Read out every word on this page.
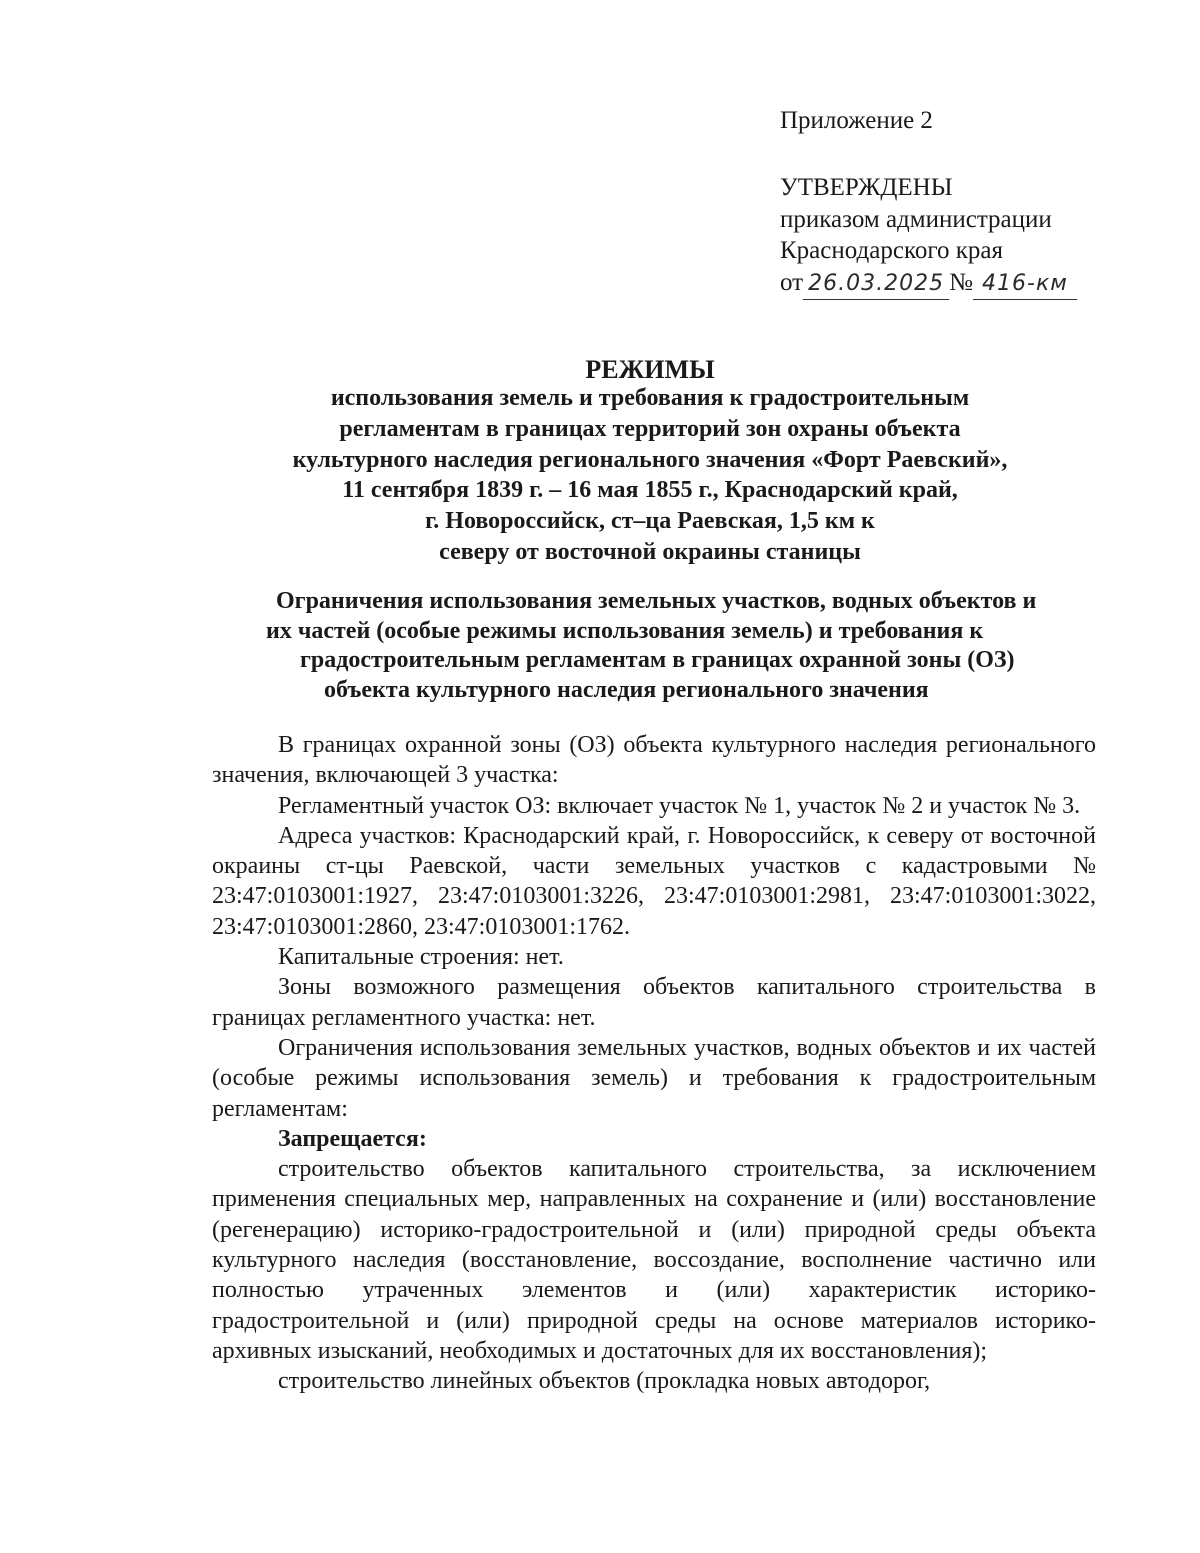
Приложение 2
УТВЕРЖДЕНЫ
приказом администрации
Краснодарского края
от 26.03.2025 № 416-км
РЕЖИМЫ
использования земель и требования к градостроительным
регламентам в границах территорий зон охраны объекта
культурного наследия регионального значения «Форт Раевский»,
11 сентября 1839 г. – 16 мая 1855 г., Краснодарский край,
г. Новороссийск, ст–ца Раевская, 1,5 км к
северу от восточной окраины станицы
Ограничения использования земельных участков, водных объектов и
их частей (особые режимы использования земель) и требования к
градостроительным регламентам в границах охранной зоны (ОЗ)
объекта культурного наследия регионального значения

В границах охранной зоны (ОЗ) объекта культурного наследия регионального значения, включающей 3 участка:

Регламентный участок ОЗ: включает участок № 1, участок № 2 и участок № 3.

Адреса участков: Краснодарский край, г. Новороссийск, к северу от восточной окраины ст-цы Раевской, части земельных участков с кадастровыми № 23:47:0103001:1927, 23:47:0103001:3226, 23:47:0103001:2981, 23:47:0103001:3022, 23:47:0103001:2860, 23:47:0103001:1762.

Капитальные строения: нет.

Зоны возможного размещения объектов капитального строительства в границах регламентного участка: нет.

Ограничения использования земельных участков, водных объектов и их частей (особые режимы использования земель) и требования к градостроительным регламентам:

Запрещается:

строительство объектов капитального строительства, за исключением применения специальных мер, направленных на сохранение и (или) восстановление (регенерацию) историко-градостроительной и (или) природной среды объекта культурного наследия (восстановление, воссоздание, восполнение частично или полностью утраченных элементов и (или) характеристик историко-градостроительной и (или) природной среды на основе материалов историко- архивных изысканий, необходимых и достаточных для их восстановления);

строительство линейных объектов (прокладка новых автодорог,
